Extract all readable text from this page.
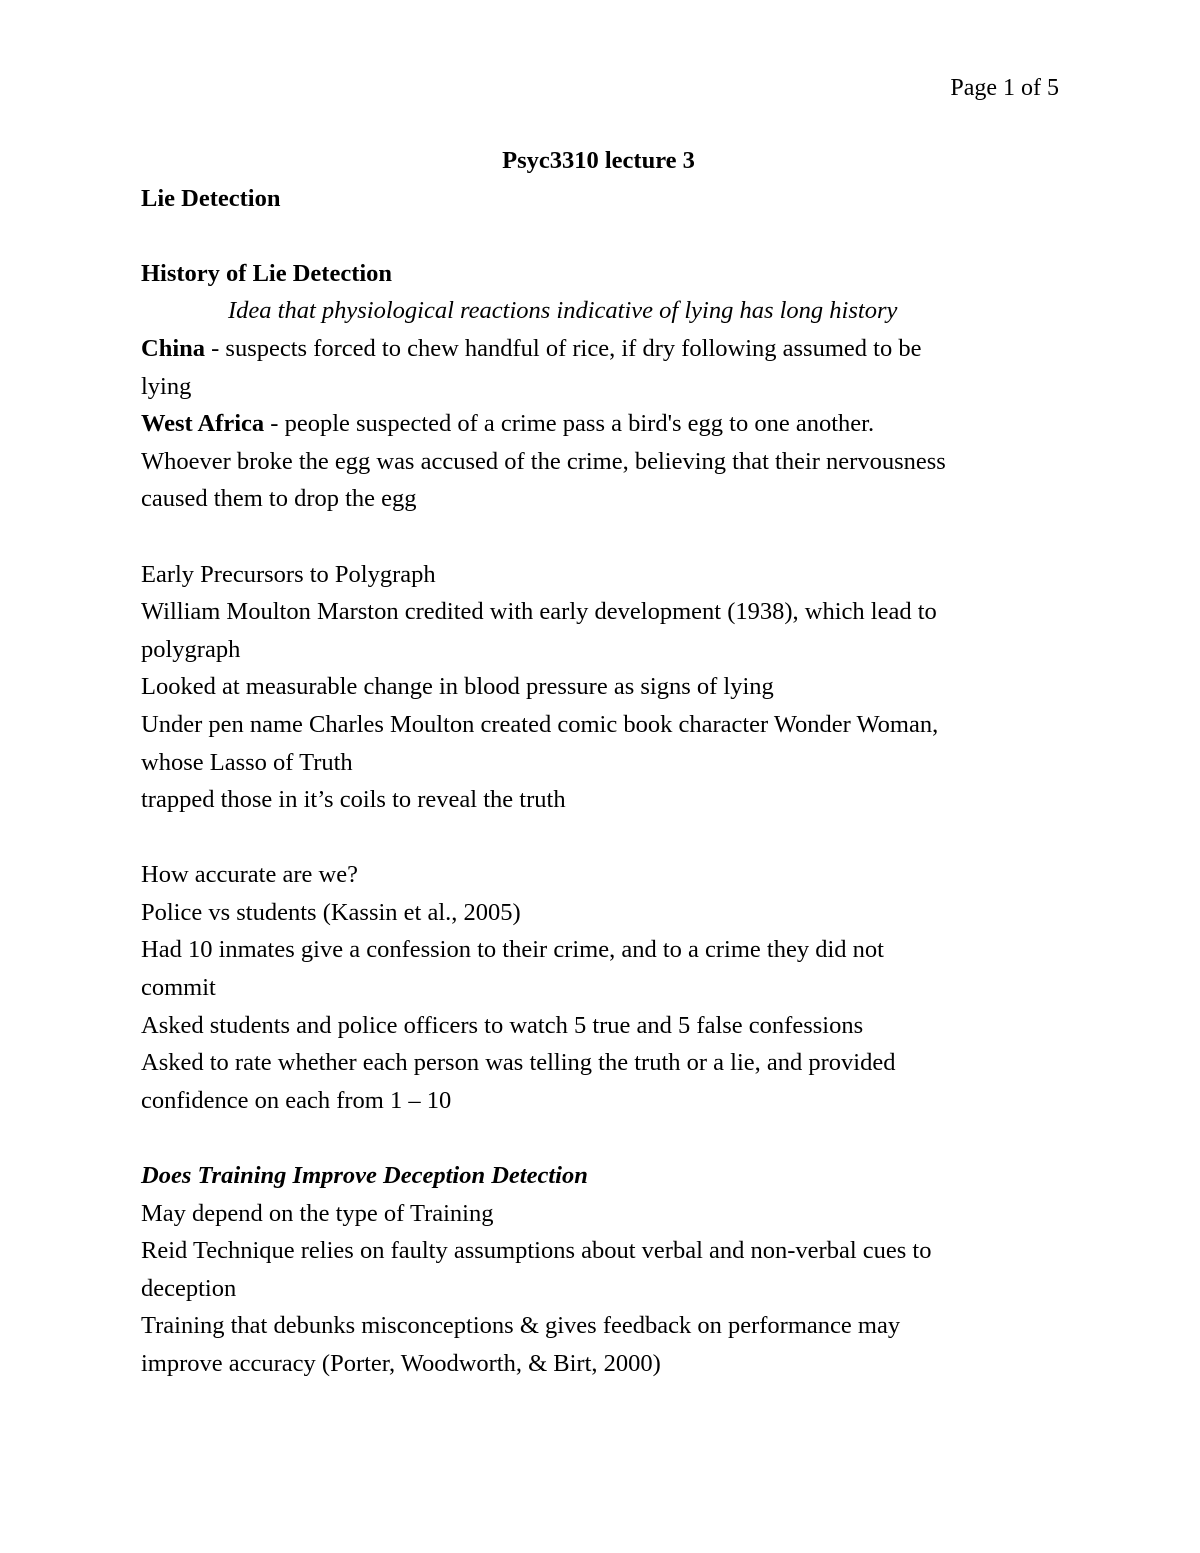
Page 1 of 5
Psyc3310 lecture 3
Lie Detection
History of Lie Detection
Idea that physiological reactions indicative of lying has long history
China - suspects forced to chew handful of rice, if dry following assumed to be
lying
West Africa - people suspected of a crime pass a bird's egg to one another.
Whoever broke the egg was accused of the crime, believing that their nervousness
caused them to drop the egg
Early Precursors to Polygraph
William Moulton Marston credited with early development (1938), which lead to
polygraph
Looked at measurable change in blood pressure as signs of lying
Under pen name Charles Moulton created comic book character Wonder Woman,
whose Lasso of Truth
trapped those in it’s coils to reveal the truth
How accurate are we?
Police vs students (Kassin et al., 2005)
Had 10 inmates give a confession to their crime, and to a crime they did not
commit
Asked students and police officers to watch 5 true and 5 false confessions
Asked to rate whether each person was telling the truth or a lie, and provided
confidence on each from 1 – 10
Does Training Improve Deception Detection
May depend on the type of Training
Reid Technique relies on faulty assumptions about verbal and non-verbal cues to
deception
Training that debunks misconceptions & gives feedback on performance may
improve accuracy (Porter, Woodworth, & Birt, 2000)
